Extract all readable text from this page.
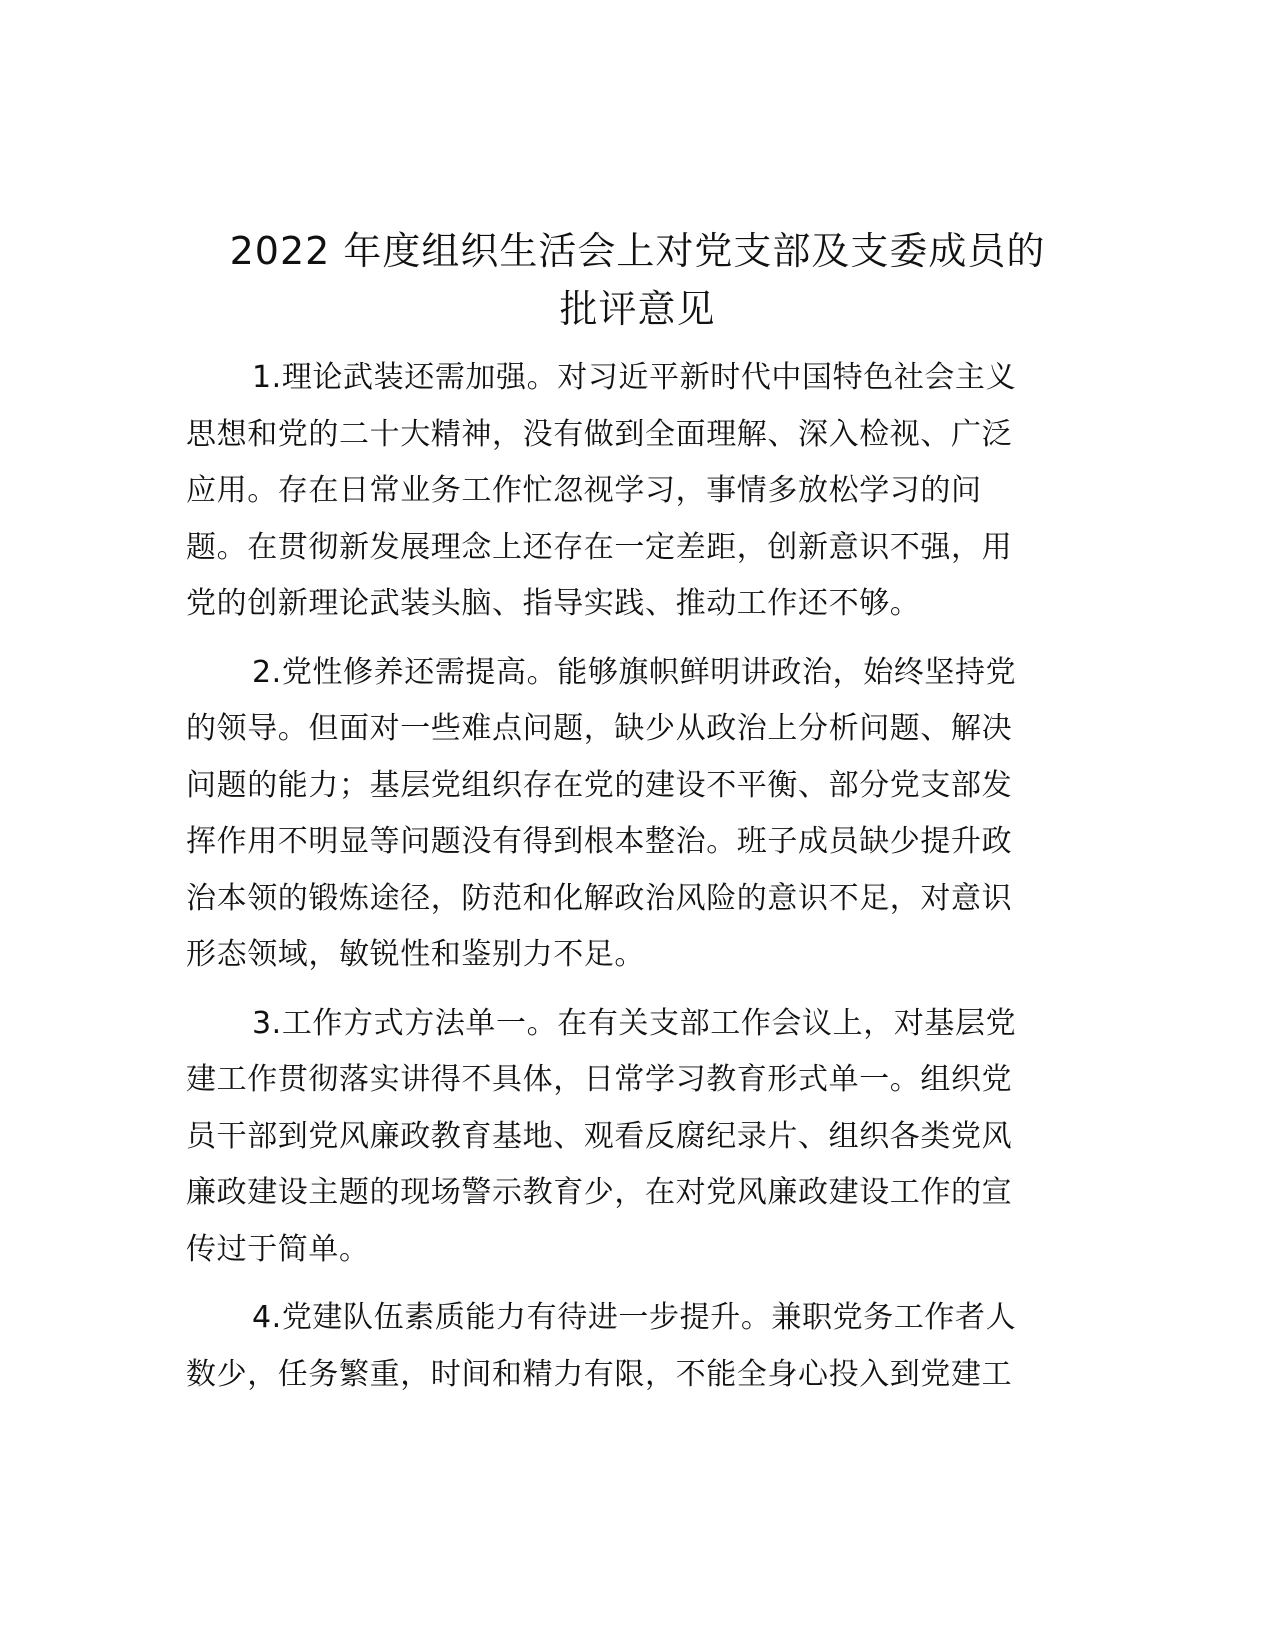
2022 年度组织生活会上对党支部及支委成员的
批评意见
1.理论武装还需加强。对习近平新时代中国特色社会主义
思想和党的二十大精神，没有做到全面理解、深入检视、广泛
应用。存在日常业务工作忙忽视学习，事情多放松学习的问
题。在贯彻新发展理念上还存在一定差距，创新意识不强，用
党的创新理论武装头脑、指导实践、推动工作还不够。
2.党性修养还需提高。能够旗帜鲜明讲政治，始终坚持党
的领导。但面对一些难点问题，缺少从政治上分析问题、解决
问题的能力；基层党组织存在党的建设不平衡、部分党支部发
挥作用不明显等问题没有得到根本整治。班子成员缺少提升政
治本领的锻炼途径，防范和化解政治风险的意识不足，对意识
形态领域，敏锐性和鉴别力不足。
3.工作方式方法单一。在有关支部工作会议上，对基层党
建工作贯彻落实讲得不具体，日常学习教育形式单一。组织党
员干部到党风廉政教育基地、观看反腐纪录片、组织各类党风
廉政建设主题的现场警示教育少，在对党风廉政建设工作的宣
传过于简单。
4.党建队伍素质能力有待进一步提升。兼职党务工作者人
数少，任务繁重，时间和精力有限，不能全身心投入到党建工
